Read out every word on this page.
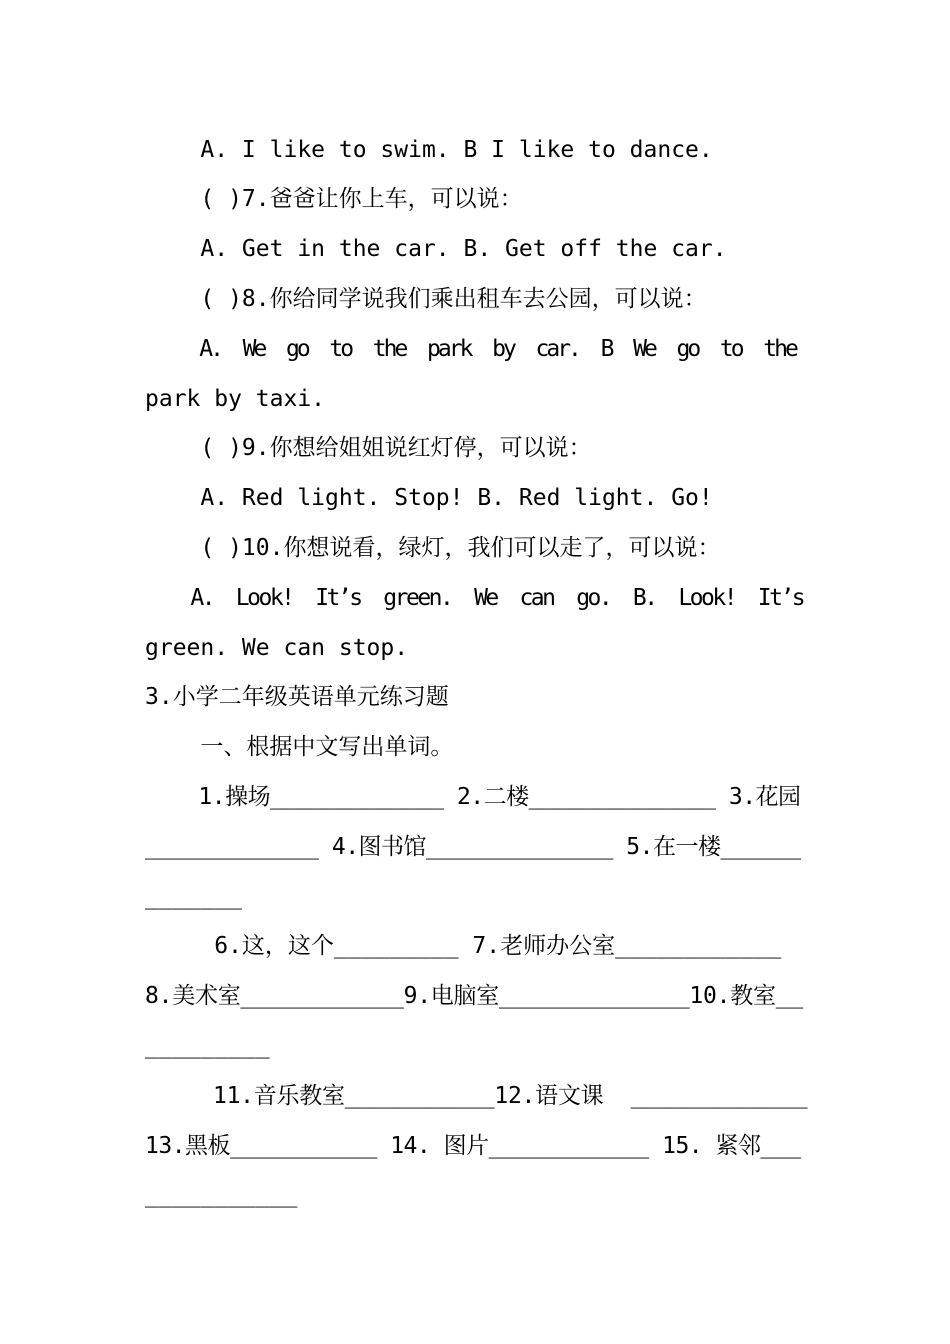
A. I like to swim. B I like to dance.
( )7.爸爸让你上车，可以说：
A. Get in the car. B. Get off the car.
( )8.你给同学说我们乘出租车去公园，可以说：
A.  We  go  to  the  park  by  car.  B  We  go  to  the
park by taxi.
( )9.你想给姐姐说红灯停，可以说：
A. Red light. Stop! B. Red light. Go!
( )10.你想说看，绿灯，我们可以走了，可以说：
A.  Look!  It’s  green.  We  can  go.  B.  Look!  It’s
green. We can stop.
3.小学二年级英语单元练习题
一、根据中文写出单词。
1.操场_____________ 2.二楼______________ 3.花园
_____________ 4.图书馆______________ 5.在一楼______
_______
6.这，这个_________ 7.老师办公室____________
8.美术室____________9.电脑室______________10.教室__
_________
11.音乐教室___________12.语文课  _____________
13.黑板___________ 14. 图片____________ 15. 紧邻___
___________
